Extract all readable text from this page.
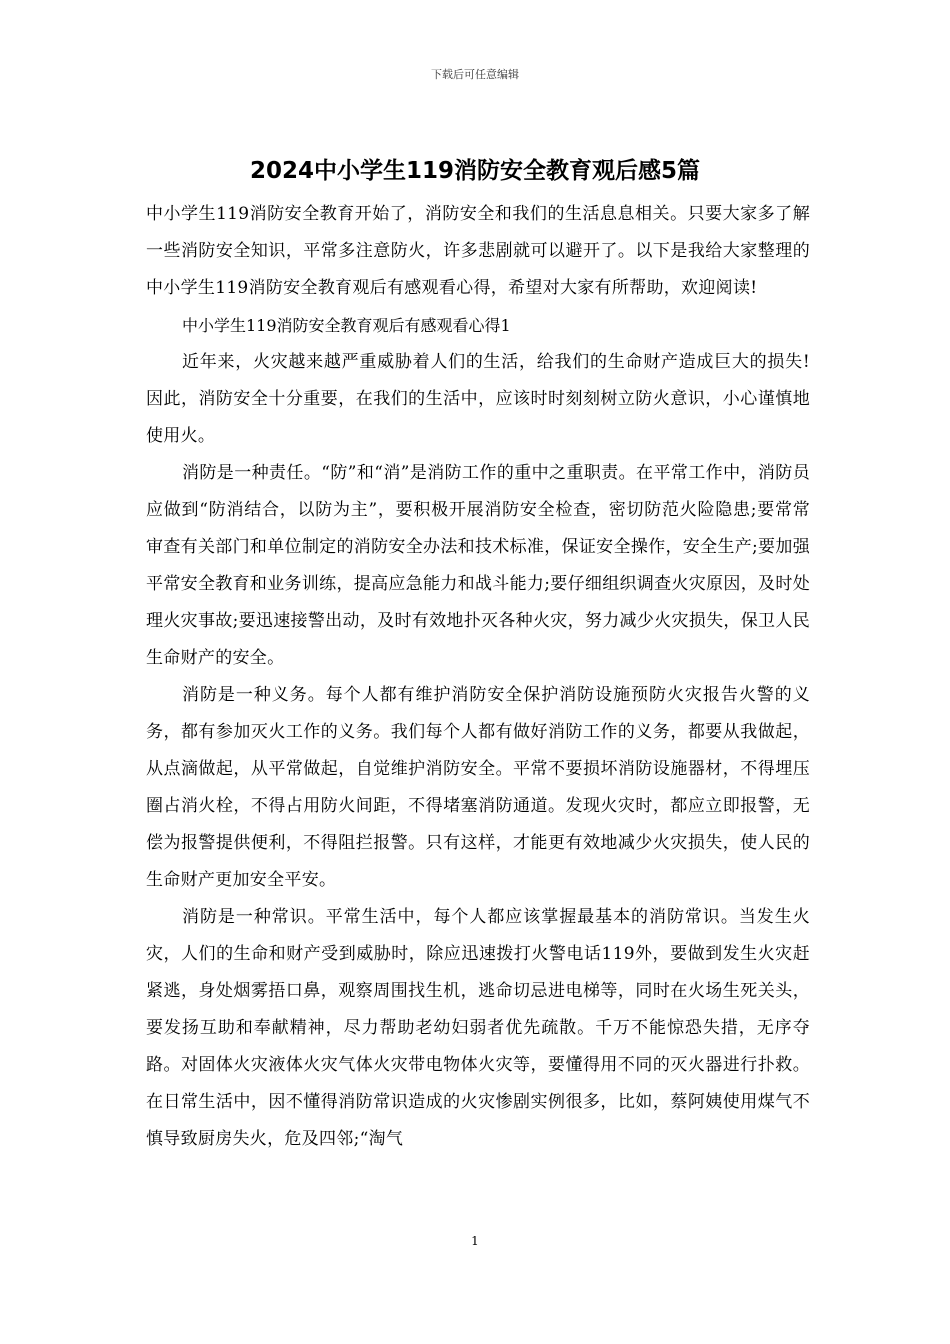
下载后可任意编辑
2024中小学生119消防安全教育观后感5篇

中小学生119消防安全教育开始了，消防安全和我们的生活息息相关。只要大家多了解一些消防安全知识，平常多注意防火，许多悲剧就可以避开了。以下是我给大家整理的中小学生119消防安全教育观后有感观看心得，希望对大家有所帮助，欢迎阅读!

中小学生119消防安全教育观后有感观看心得1

近年来，火灾越来越严重威胁着人们的生活，给我们的生命财产造成巨大的损失!因此，消防安全十分重要，在我们的生活中，应该时时刻刻树立防火意识，小心谨慎地使用火。

消防是一种责任。“防”和“消”是消防工作的重中之重职责。在平常工作中，消防员应做到“防消结合，以防为主”，要积极开展消防安全检查，密切防范火险隐患;要常常审查有关部门和单位制定的消防安全办法和技术标准，保证安全操作，安全生产;要加强平常安全教育和业务训练，提高应急能力和战斗能力;要仔细组织调查火灾原因，及时处理火灾事故;要迅速接警出动，及时有效地扑灭各种火灾，努力减少火灾损失，保卫人民生命财产的安全。

消防是一种义务。每个人都有维护消防安全保护消防设施预防火灾报告火警的义务，都有参加灭火工作的义务。我们每个人都有做好消防工作的义务，都要从我做起，从点滴做起，从平常做起，自觉维护消防安全。平常不要损坏消防设施器材，不得埋压圈占消火栓，不得占用防火间距，不得堵塞消防通道。发现火灾时，都应立即报警，无偿为报警提供便利，不得阻拦报警。只有这样，才能更有效地减少火灾损失，使人民的生命财产更加安全平安。

消防是一种常识。平常生活中，每个人都应该掌握最基本的消防常识。当发生火灾，人们的生命和财产受到威胁时，除应迅速拨打火警电话119外，要做到发生火灾赶紧逃，身处烟雾捂口鼻，观察周围找生机，逃命切忌进电梯等，同时在火场生死关头，要发扬互助和奉献精神，尽力帮助老幼妇弱者优先疏散。千万不能惊恐失措，无序夺路。对固体火灾液体火灾气体火灾带电物体火灾等，要懂得用不同的灭火器进行扑救。在日常生活中，因不懂得消防常识造成的火灾惨剧实例很多，比如，蔡阿姨使用煤气不慎导致厨房失火，危及四邻;“淘气

1
